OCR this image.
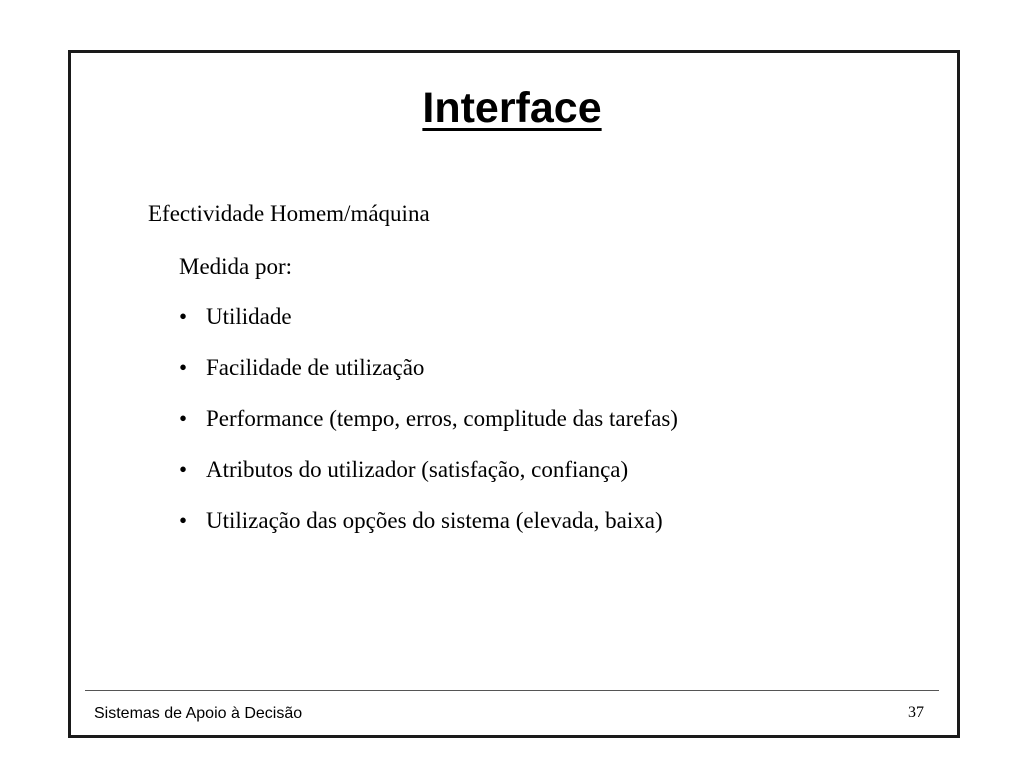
Interface
Efectividade Homem/máquina
Medida por:
• Utilidade
• Facilidade de utilização
• Performance (tempo, erros, complitude das tarefas)
• Atributos do utilizador (satisfação, confiança)
• Utilização das opções do sistema (elevada, baixa)
Sistemas de Apoio à Decisão	37
